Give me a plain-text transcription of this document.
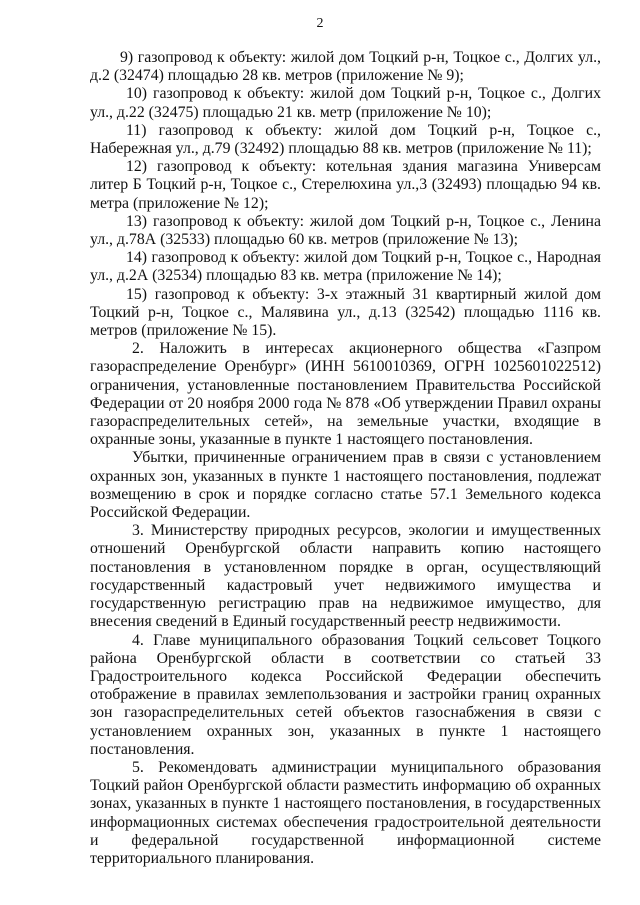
2

9) газопровод к объекту: жилой дом Тоцкий р-н, Тоцкое с., Долгих ул., д.2 (32474) площадью 28 кв. метров (приложение № 9);

10) газопровод к объекту: жилой дом Тоцкий р-н, Тоцкое с., Долгих ул., д.22 (32475) площадью 21 кв. метр (приложение № 10);

11) газопровод к объекту: жилой дом Тоцкий р-н, Тоцкое с., Набережная ул., д.79 (32492) площадью 88 кв. метров (приложение № 11);

12) газопровод к объекту: котельная здания магазина Универсам литер Б Тоцкий р-н, Тоцкое с., Стерелюхина ул.,3 (32493) площадью 94 кв. метра (приложение № 12);

13) газопровод к объекту: жилой дом Тоцкий р-н, Тоцкое с., Ленина ул., д.78А (32533) площадью 60 кв. метров (приложение № 13);

14) газопровод к объекту: жилой дом Тоцкий р-н, Тоцкое с., Народная ул., д.2А (32534) площадью 83 кв. метра (приложение № 14);

15) газопровод к объекту: 3-х этажный 31 квартирный жилой дом Тоцкий р-н, Тоцкое с., Малявина ул., д.13 (32542) площадью 1116 кв. метров (приложение № 15).

2. Наложить в интересах акционерного общества «Газпром газораспределение Оренбург» (ИНН 5610010369, ОГРН 1025601022512) ограничения, установленные постановлением Правительства Российской Федерации от 20 ноября 2000 года № 878 «Об утверждении Правил охраны газораспределительных сетей», на земельные участки, входящие в охранные зоны, указанные в пункте 1 настоящего постановления.

Убытки, причиненные ограничением прав в связи с установлением охранных зон, указанных в пункте 1 настоящего постановления, подлежат возмещению в срок и порядке согласно статье 57.1 Земельного кодекса Российской Федерации.

3. Министерству природных ресурсов, экологии и имущественных отношений Оренбургской области направить копию настоящего постановления в установленном порядке в орган, осуществляющий государственный кадастровый учет недвижимого имущества и государственную регистрацию прав на недвижимое имущество, для внесения сведений в Единый государственный реестр недвижимости.

4. Главе муниципального образования Тоцкий сельсовет Тоцкого района Оренбургской области в соответствии со статьей 33 Градостроительного кодекса Российской Федерации обеспечить отображение в правилах землепользования и застройки границ охранных зон газораспределительных сетей объектов газоснабжения в связи с установлением охранных зон, указанных в пункте 1 настоящего постановления.

5. Рекомендовать администрации муниципального образования Тоцкий район Оренбургской области разместить информацию об охранных зонах, указанных в пункте 1 настоящего постановления, в государственных информационных системах обеспечения градостроительной деятельности и федеральной государственной информационной системе территориального планирования.
